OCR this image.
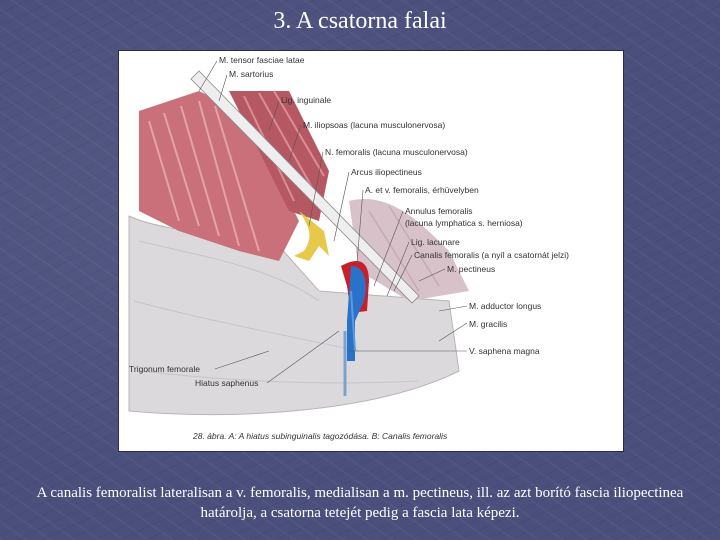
3. A csatorna falai
M. tensor fasciae latae
M. sartorius
Lig. inguinale
M. iliopsoas (lacuna musculonervosa)
N. femoralis (lacuna musculonervosa)
Arcus iliopectineus
A. et v. femoralis, érhüvelyben
Annulus femoralis
(lacuna lymphatica s. herniosa)
Lig. lacunare
Canalis femoralis (a nyíl a csatornát jelzi)
M. pectineus
M. adductor longus
M. gracilis
V. saphena magna
Trigonum femorale
Hiatus saphenus
28. ábra. A: A hiatus subinguinalis tagozódása. B: Canalis femoralis
A canalis femoralist lateralisan a v. femoralis, medialisan a m. pectineus, ill. az azt borító fascia iliopectinea határolja, a csatorna tetejét pedig a fascia lata képezi.
